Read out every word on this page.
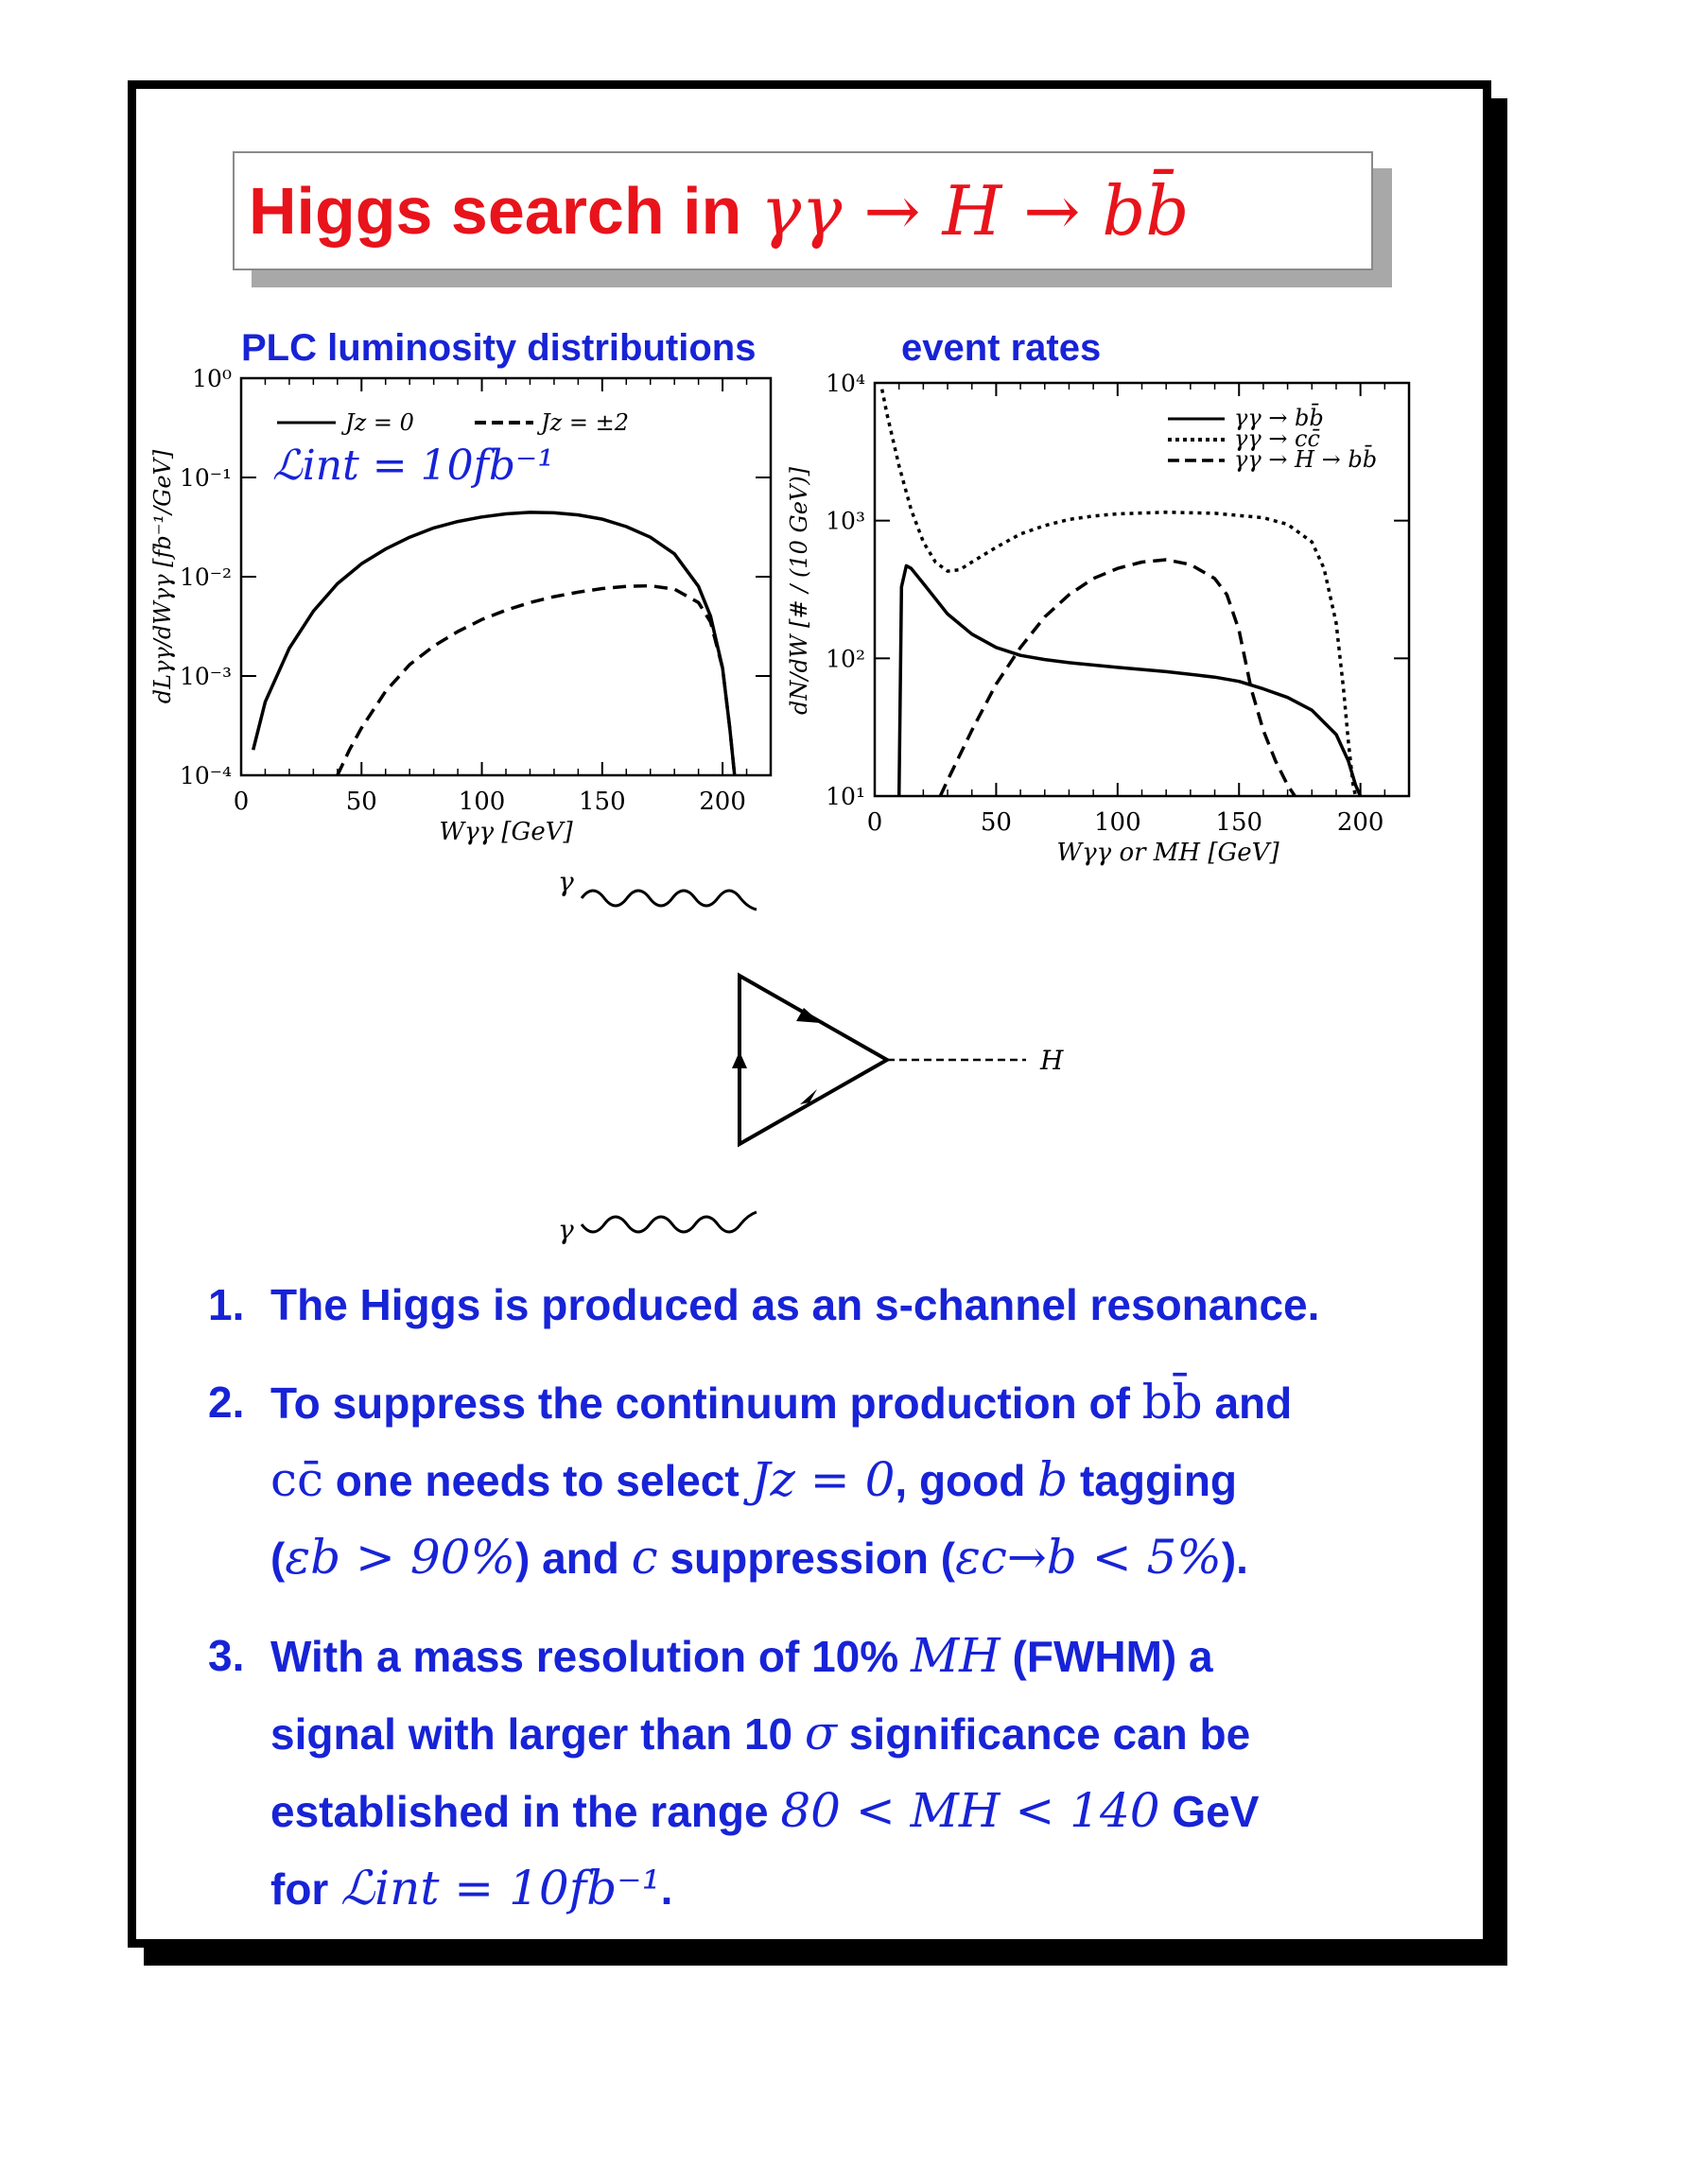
Higgs search in γγ → H → bb̄
PLC luminosity distributions	event rates
0	50	100	150	200
10⁰
10⁻¹
10⁻²
10⁻³
10⁻⁴
Jz = 0	Jz = ±2
ℒint = 10fb⁻¹
Wγγ [GeV]
dLγγ/dWγγ [fb⁻¹/GeV]
0	50	100	150	200
10⁴
10³
10²
10¹
γγ → bb̄
γγ → cc̄
γγ → H → bb̄
Wγγ or MH [GeV]
dN/dW [# / (10 GeV)]
γ
γ
H
1. The Higgs is produced as an s-channel resonance.

2. To suppress the continuum production of bb̄ and

cc̄ one needs to select Jz = 0, good b tagging

(εb > 90%) and c suppression (εc→b < 5%).

3. With a mass resolution of 10% MH (FWHM) a

signal with larger than 10 σ significance can be

established in the range 80 < MH < 140 GeV

for ℒint = 10fb⁻¹.
